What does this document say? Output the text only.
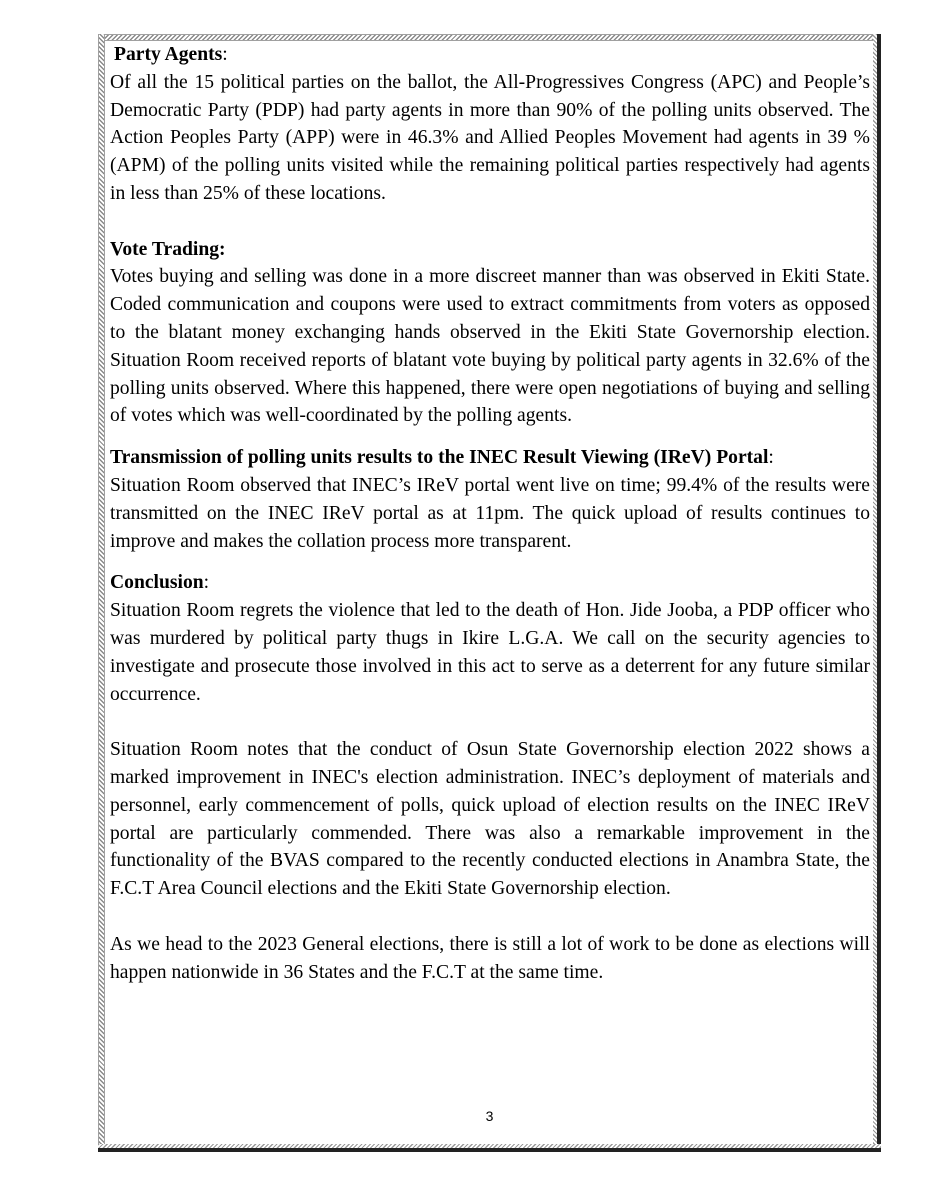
Party Agents:
Of all the 15 political parties on the ballot, the All-Progressives Congress (APC) and People’s Democratic Party (PDP) had party agents in more than 90% of the polling units observed. The Action Peoples Party (APP) were in 46.3% and Allied Peoples Movement had agents in 39 % (APM) of the polling units visited while the remaining political parties respectively had agents in less than 25% of these locations.
Vote Trading:
Votes buying and selling was done in a more discreet manner than was observed in Ekiti State. Coded communication and coupons were used to extract commitments from voters as opposed to the blatant money exchanging hands observed in the Ekiti State Governorship election. Situation Room received reports of blatant vote buying by political party agents in 32.6% of the polling units observed. Where this happened, there were open negotiations of buying and selling of votes which was well-coordinated by the polling agents.
Transmission of polling units results to the INEC Result Viewing (IReV) Portal:
Situation Room observed that INEC’s IReV portal went live on time; 99.4% of the results were transmitted on the INEC IReV portal as at 11pm. The quick upload of results continues to improve and makes the collation process more transparent.
Conclusion:
Situation Room regrets the violence that led to the death of Hon. Jide Jooba, a PDP officer who was murdered by political party thugs in Ikire L.G.A. We call on the security agencies to investigate and prosecute those involved in this act to serve as a deterrent for any future similar occurrence.
Situation Room notes that the conduct of Osun State Governorship election 2022 shows a marked improvement in INEC's election administration. INEC’s deployment of materials and personnel, early commencement of polls, quick upload of election results on the INEC IReV portal are particularly commended. There was also a remarkable improvement in the functionality of the BVAS compared to the recently conducted elections in Anambra State, the F.C.T Area Council elections and the Ekiti State Governorship election.
As we head to the 2023 General elections, there is still a lot of work to be done as elections will happen nationwide in 36 States and the F.C.T at the same time.
3
